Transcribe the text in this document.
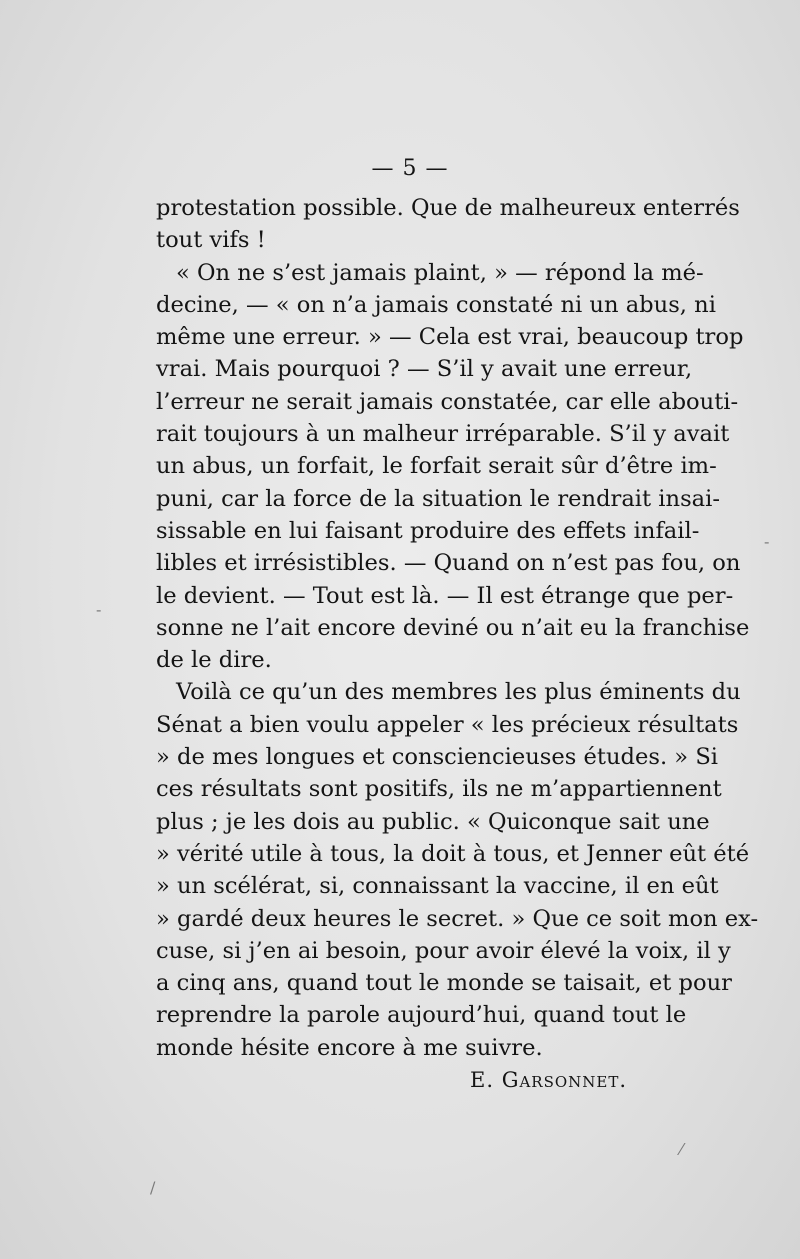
— 5 —

protestation possible. Que de malheureux enterrés
tout vifs !

« On ne s’est jamais plaint, » — répond la mé-
decine, — « on n’a jamais constaté ni un abus, ni
même une erreur. » — Cela est vrai, beaucoup trop
vrai. Mais pourquoi ? — S’il y avait une erreur,
l’erreur ne serait jamais constatée, car elle abouti-
rait toujours à un malheur irréparable. S’il y avait
un abus, un forfait, le forfait serait sûr d’être im-
puni, car la force de la situation le rendrait insai-
sissable en lui faisant produire des effets infail-
libles et irrésistibles. — Quand on n’est pas fou, on
le devient. — Tout est là. — Il est étrange que per-
sonne ne l’ait encore deviné ou n’ait eu la franchise
de le dire.

Voilà ce qu’un des membres les plus éminents du
Sénat a bien voulu appeler « les précieux résultats
» de mes longues et consciencieuses études. » Si
ces résultats sont positifs, ils ne m’appartiennent
plus ; je les dois au public. « Quiconque sait une
» vérité utile à tous, la doit à tous, et Jenner eût été
» un scélérat, si, connaissant la vaccine, il en eût
» gardé deux heures le secret. » Que ce soit mon ex-
cuse, si j’en ai besoin, pour avoir élevé la voix, il y
a cinq ans, quand tout le monde se taisait, et pour
reprendre la parole aujourd’hui, quand tout le
monde hésite encore à me suivre.

E. Garsonnet.
-
-
/
⁄
